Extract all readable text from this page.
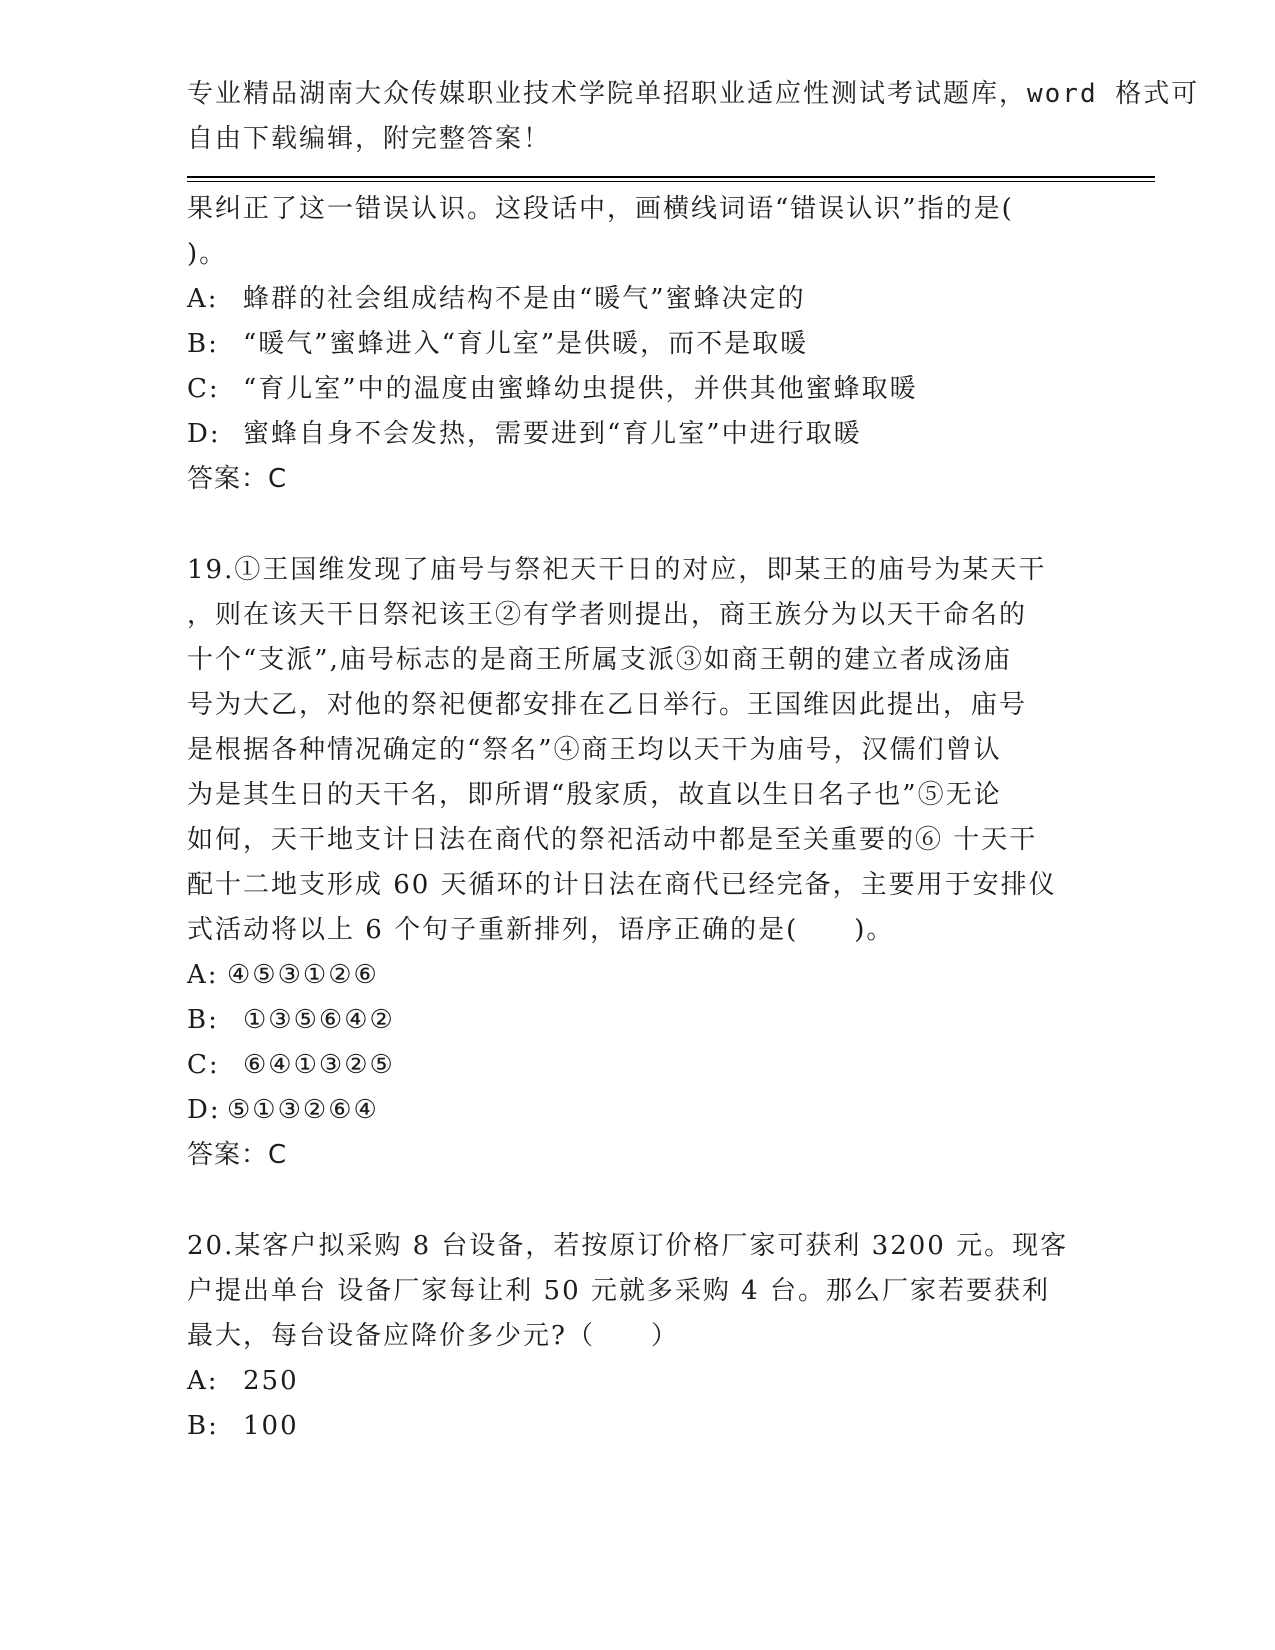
专业精品湖南大众传媒职业技术学院单招职业适应性测试考试题库，word 格式可
自由下载编辑，附完整答案！
果纠正了这一错误认识。这段话中，画横线词语“错误认识”指的是(
)。
A: 蜂群的社会组成结构不是由“暖气”蜜蜂决定的
B: “暖气”蜜蜂进入“育儿室”是供暖，而不是取暖
C: “育儿室”中的温度由蜜蜂幼虫提供，并供其他蜜蜂取暖
D: 蜜蜂自身不会发热，需要进到“育儿室”中进行取暖
答案：C
19.①王国维发现了庙号与祭祀天干日的对应，即某王的庙号为某天干
，则在该天干日祭祀该王②有学者则提出，商王族分为以天干命名的
十个“支派”,庙号标志的是商王所属支派③如商王朝的建立者成汤庙
号为大乙，对他的祭祀便都安排在乙日举行。王国维因此提出，庙号
是根据各种情况确定的“祭名”④商王均以天干为庙号，汉儒们曾认
为是其生日的天干名，即所谓“殷家质，故直以生日名子也”⑤无论
如何，天干地支计日法在商代的祭祀活动中都是至关重要的⑥ 十天干
配十二地支形成 60 天循环的计日法在商代已经完备，主要用于安排仪
式活动将以上 6 个句子重新排列，语序正确的是(　　)。
A: ④⑤③①②⑥
B: ①③⑤⑥④②
C: ⑥④①③②⑤
D: ⑤①③②⑥④
答案：C
20.某客户拟采购 8 台设备，若按原订价格厂家可获利 3200 元。现客
户提出单台 设备厂家每让利 50 元就多采购 4 台。那么厂家若要获利
最大，每台设备应降价多少元?（　　）
A: 250
B: 100
